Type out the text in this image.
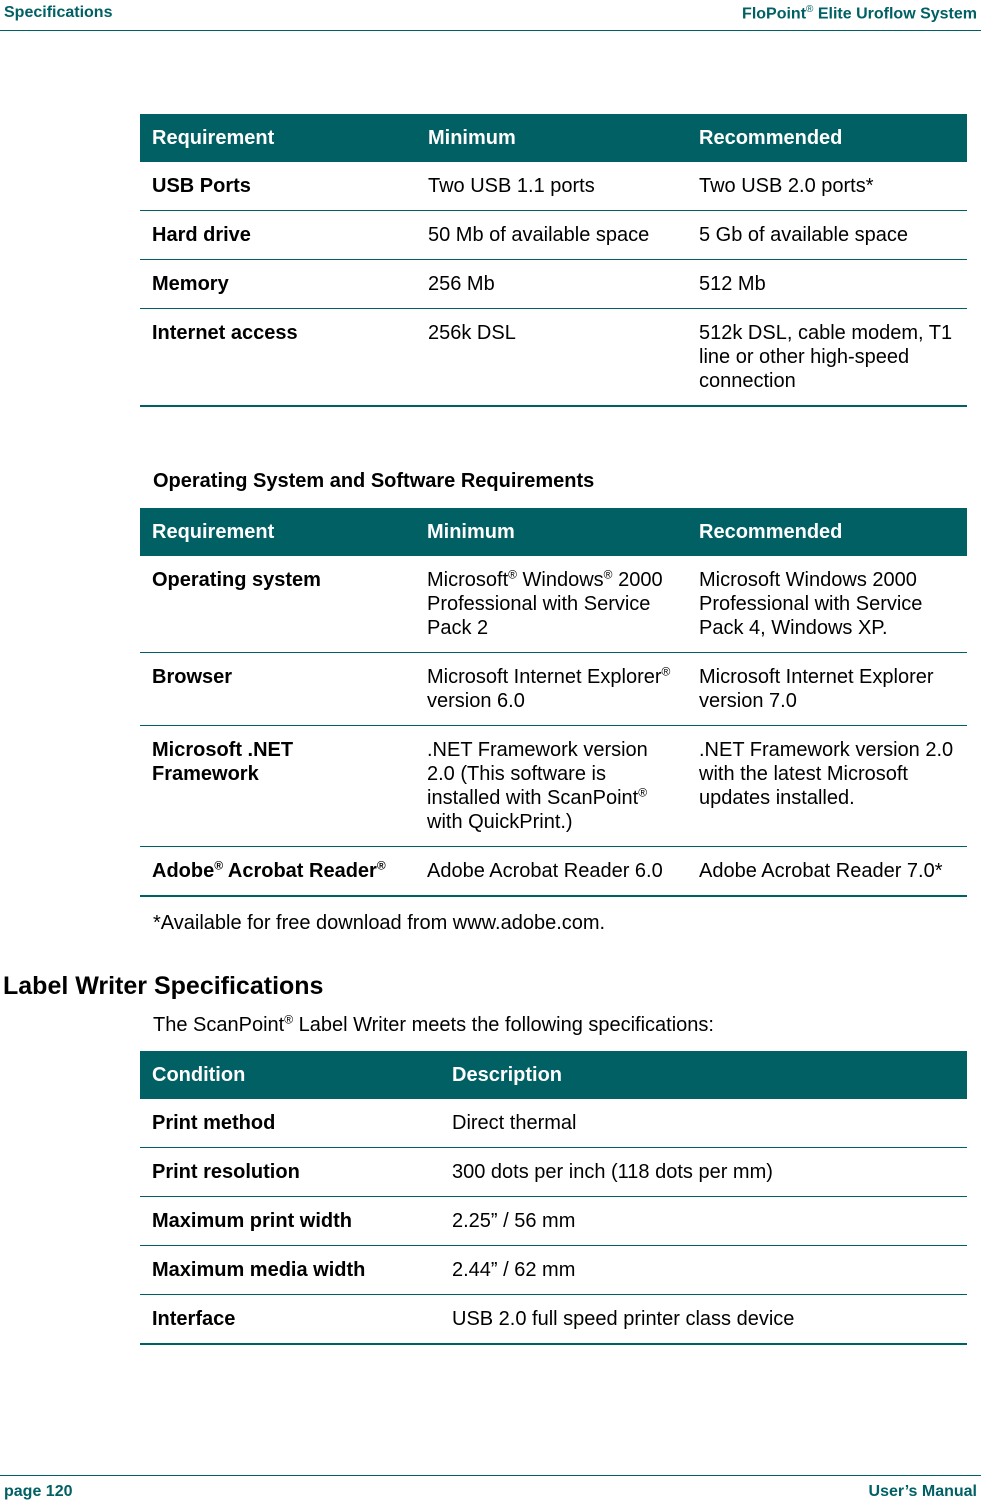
Specifications	FloPoint® Elite Uroflow System
Requirement	Minimum	Recommended
USB Ports	Two USB 1.1 ports	Two USB 2.0 ports*
Hard drive	50 Mb of available space	5 Gb of available space
Memory	256 Mb	512 Mb
Internet access	256k DSL	512k DSL, cable modem, T1 line or other high-speed connection
Operating System and Software Requirements
Requirement	Minimum	Recommended
Operating system	Microsoft® Windows® 2000 Professional with Service Pack 2	Microsoft Windows 2000 Professional with Service Pack 4, Windows XP.
Browser	Microsoft Internet Explorer® version 6.0	Microsoft Internet Explorer version 7.0
Microsoft .NET Framework	.NET Framework version 2.0 (This software is installed with ScanPoint® with QuickPrint.)	.NET Framework version 2.0 with the latest Microsoft updates installed.
Adobe® Acrobat Reader®	Adobe Acrobat Reader 6.0	Adobe Acrobat Reader 7.0*
*Available for free download from www.adobe.com.
Label Writer Specifications
The ScanPoint® Label Writer meets the following specifications:
Condition	Description
Print method	Direct thermal
Print resolution	300 dots per inch (118 dots per mm)
Maximum print width	2.25” / 56 mm
Maximum media width	2.44” / 62 mm
Interface	USB 2.0 full speed printer class device
page 120	User’s Manual
